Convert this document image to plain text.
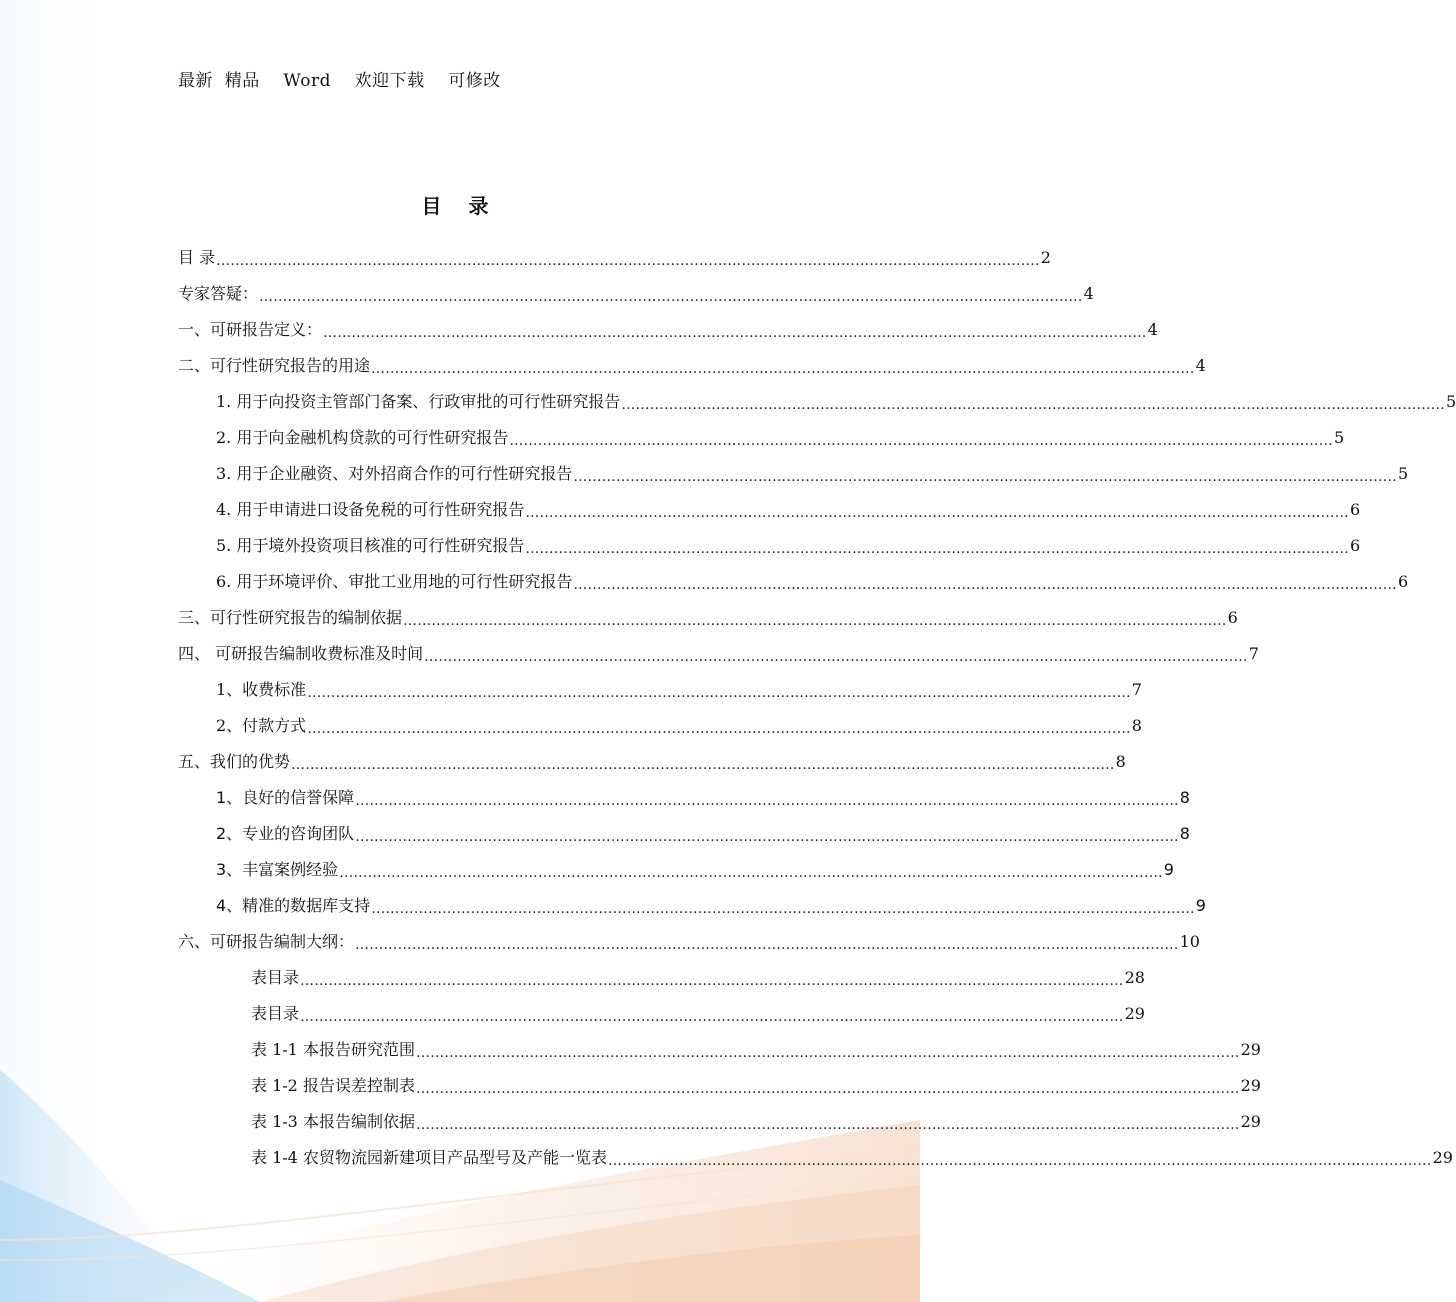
最新  精品    Word    欢迎下载    可修改
目 录
目 录 ………………………………………………………………………………………………………………………………………………………… 2
专家答疑： ………………………………………………………………………………………………………………………………………………………… 4
一、可研报告定义： ………………………………………………………………………………………………………………………………………………………… 4
二、可行性研究报告的用途 ………………………………………………………………………………………………………………………………………………………… 4
1. 用于向投资主管部门备案、行政审批的可行性研究报告 ………………………………………………………………………………………………………………………………………………………… 5
2. 用于向金融机构贷款的可行性研究报告 ………………………………………………………………………………………………………………………………………………………… 5
3. 用于企业融资、对外招商合作的可行性研究报告 ………………………………………………………………………………………………………………………………………………………… 5
4. 用于申请进口设备免税的可行性研究报告 ………………………………………………………………………………………………………………………………………………………… 6
5. 用于境外投资项目核准的可行性研究报告 ………………………………………………………………………………………………………………………………………………………… 6
6. 用于环境评价、审批工业用地的可行性研究报告 ………………………………………………………………………………………………………………………………………………………… 6
三、可行性研究报告的编制依据 ………………………………………………………………………………………………………………………………………………………… 6
四、 可研报告编制收费标准及时间 ………………………………………………………………………………………………………………………………………………………… 7
1、收费标准 ………………………………………………………………………………………………………………………………………………………… 7
2、付款方式 ………………………………………………………………………………………………………………………………………………………… 8
五、我们的优势 ………………………………………………………………………………………………………………………………………………………… 8
1、良好的信誉保障 ………………………………………………………………………………………………………………………………………………………… 8
2、专业的咨询团队 ………………………………………………………………………………………………………………………………………………………… 8
3、丰富案例经验 ………………………………………………………………………………………………………………………………………………………… 9
4、精准的数据库支持 ………………………………………………………………………………………………………………………………………………………… 9
六、可研报告编制大纲： ………………………………………………………………………………………………………………………………………………………… 10
表目录 ………………………………………………………………………………………………………………………………………………………… 28
表目录 ………………………………………………………………………………………………………………………………………………………… 29
表 1-1 本报告研究范围 ………………………………………………………………………………………………………………………………………………………… 29
表 1-2 报告误差控制表 ………………………………………………………………………………………………………………………………………………………… 29
表 1-3 本报告编制依据 ………………………………………………………………………………………………………………………………………………………… 29
表 1-4 农贸物流园新建项目产品型号及产能一览表 ………………………………………………………………………………………………………………………………………………………… 29
